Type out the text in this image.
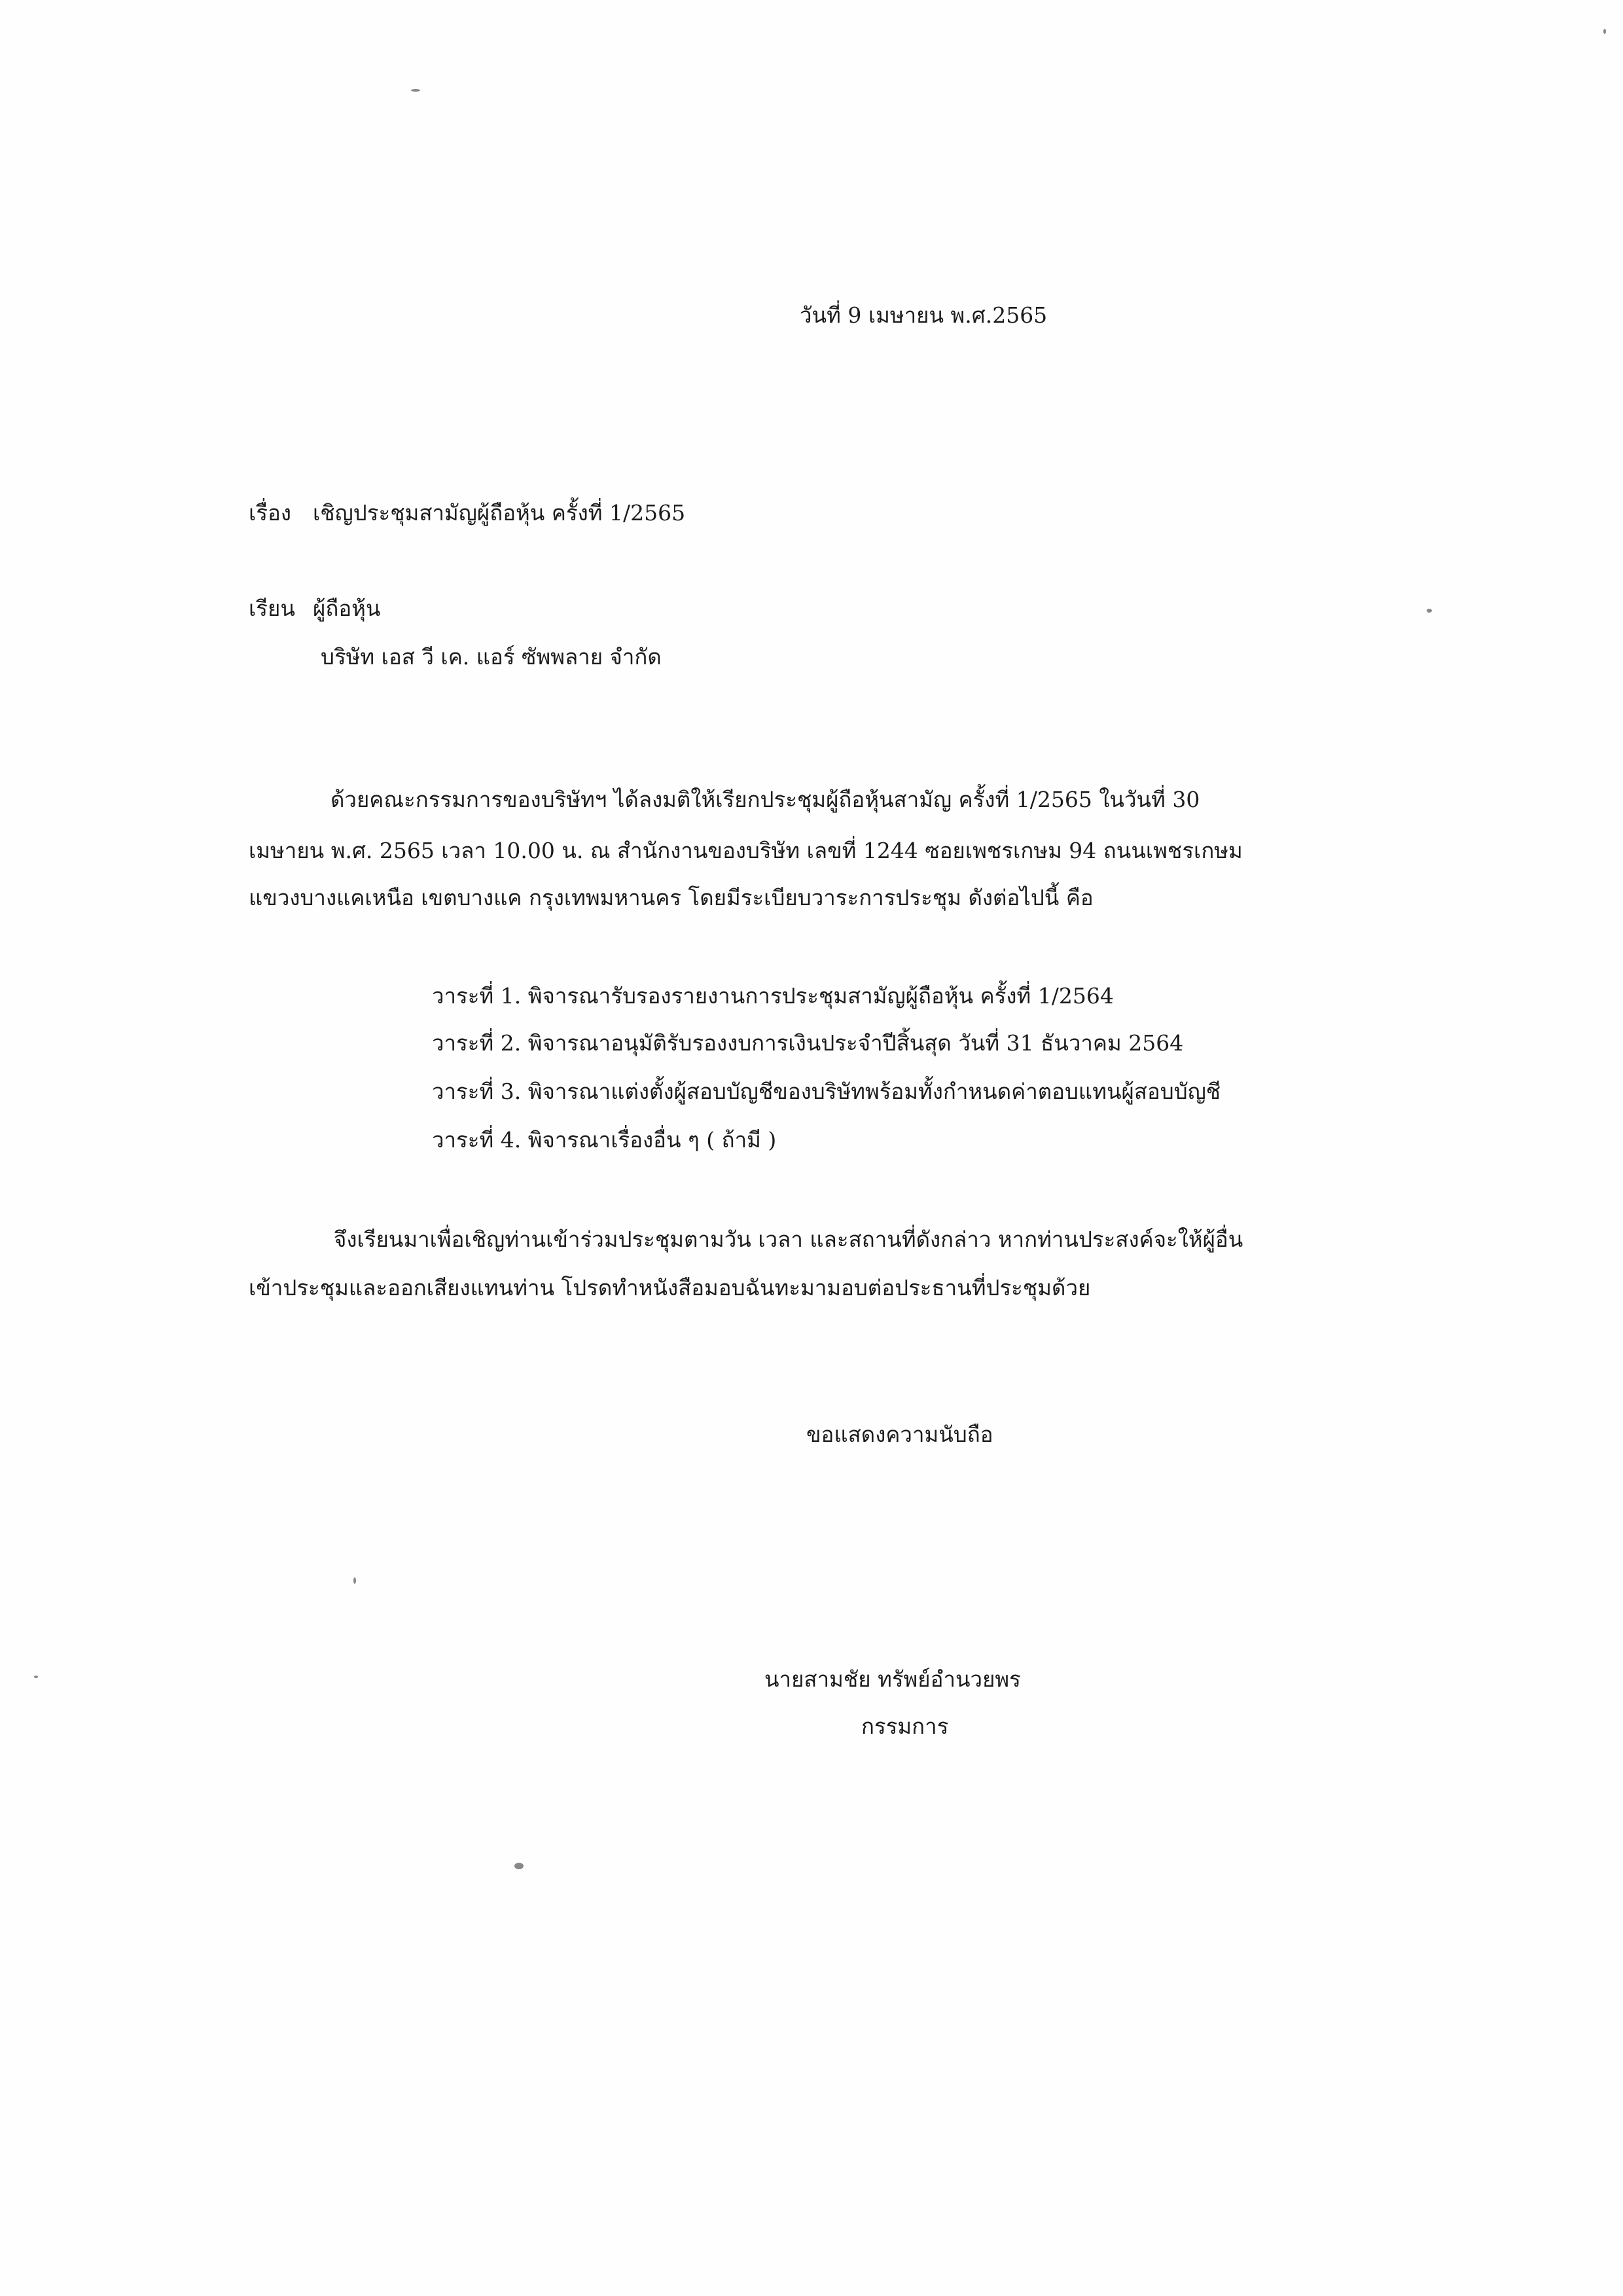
วันที่ 9 เมษายน พ.ศ.2565
เรื่อง เชิญประชุมสามัญผู้ถือหุ้น ครั้งที่ 1/2565
เรียน ผู้ถือหุ้น
บริษัท เอส วี เค. แอร์ ซัพพลาย จำกัด
ด้วยคณะกรรมการของบริษัทฯ ได้ลงมติให้เรียกประชุมผู้ถือหุ้นสามัญ ครั้งที่ 1/2565 ในวันที่ 30
เมษายน พ.ศ. 2565 เวลา 10.00 น. ณ สำนักงานของบริษัท เลขที่ 1244 ซอยเพชรเกษม 94 ถนนเพชรเกษม
แขวงบางแคเหนือ เขตบางแค กรุงเทพมหานคร โดยมีระเบียบวาระการประชุม ดังต่อไปนี้ คือ
วาระที่ 1. พิจารณารับรองรายงานการประชุมสามัญผู้ถือหุ้น ครั้งที่ 1/2564
วาระที่ 2. พิจารณาอนุมัติรับรองงบการเงินประจำปีสิ้นสุด วันที่ 31 ธันวาคม 2564
วาระที่ 3. พิจารณาแต่งตั้งผู้สอบบัญชีของบริษัทพร้อมทั้งกำหนดค่าตอบแทนผู้สอบบัญชี
วาระที่ 4. พิจารณาเรื่องอื่น ๆ ( ถ้ามี )
จึงเรียนมาเพื่อเชิญท่านเข้าร่วมประชุมตามวัน เวลา และสถานที่ดังกล่าว หากท่านประสงค์จะให้ผู้อื่น
เข้าประชุมและออกเสียงแทนท่าน โปรดทำหนังสือมอบฉันทะมามอบต่อประธานที่ประชุมด้วย
ขอแสดงความนับถือ
นายสามชัย ทรัพย์อำนวยพร
กรรมการ
